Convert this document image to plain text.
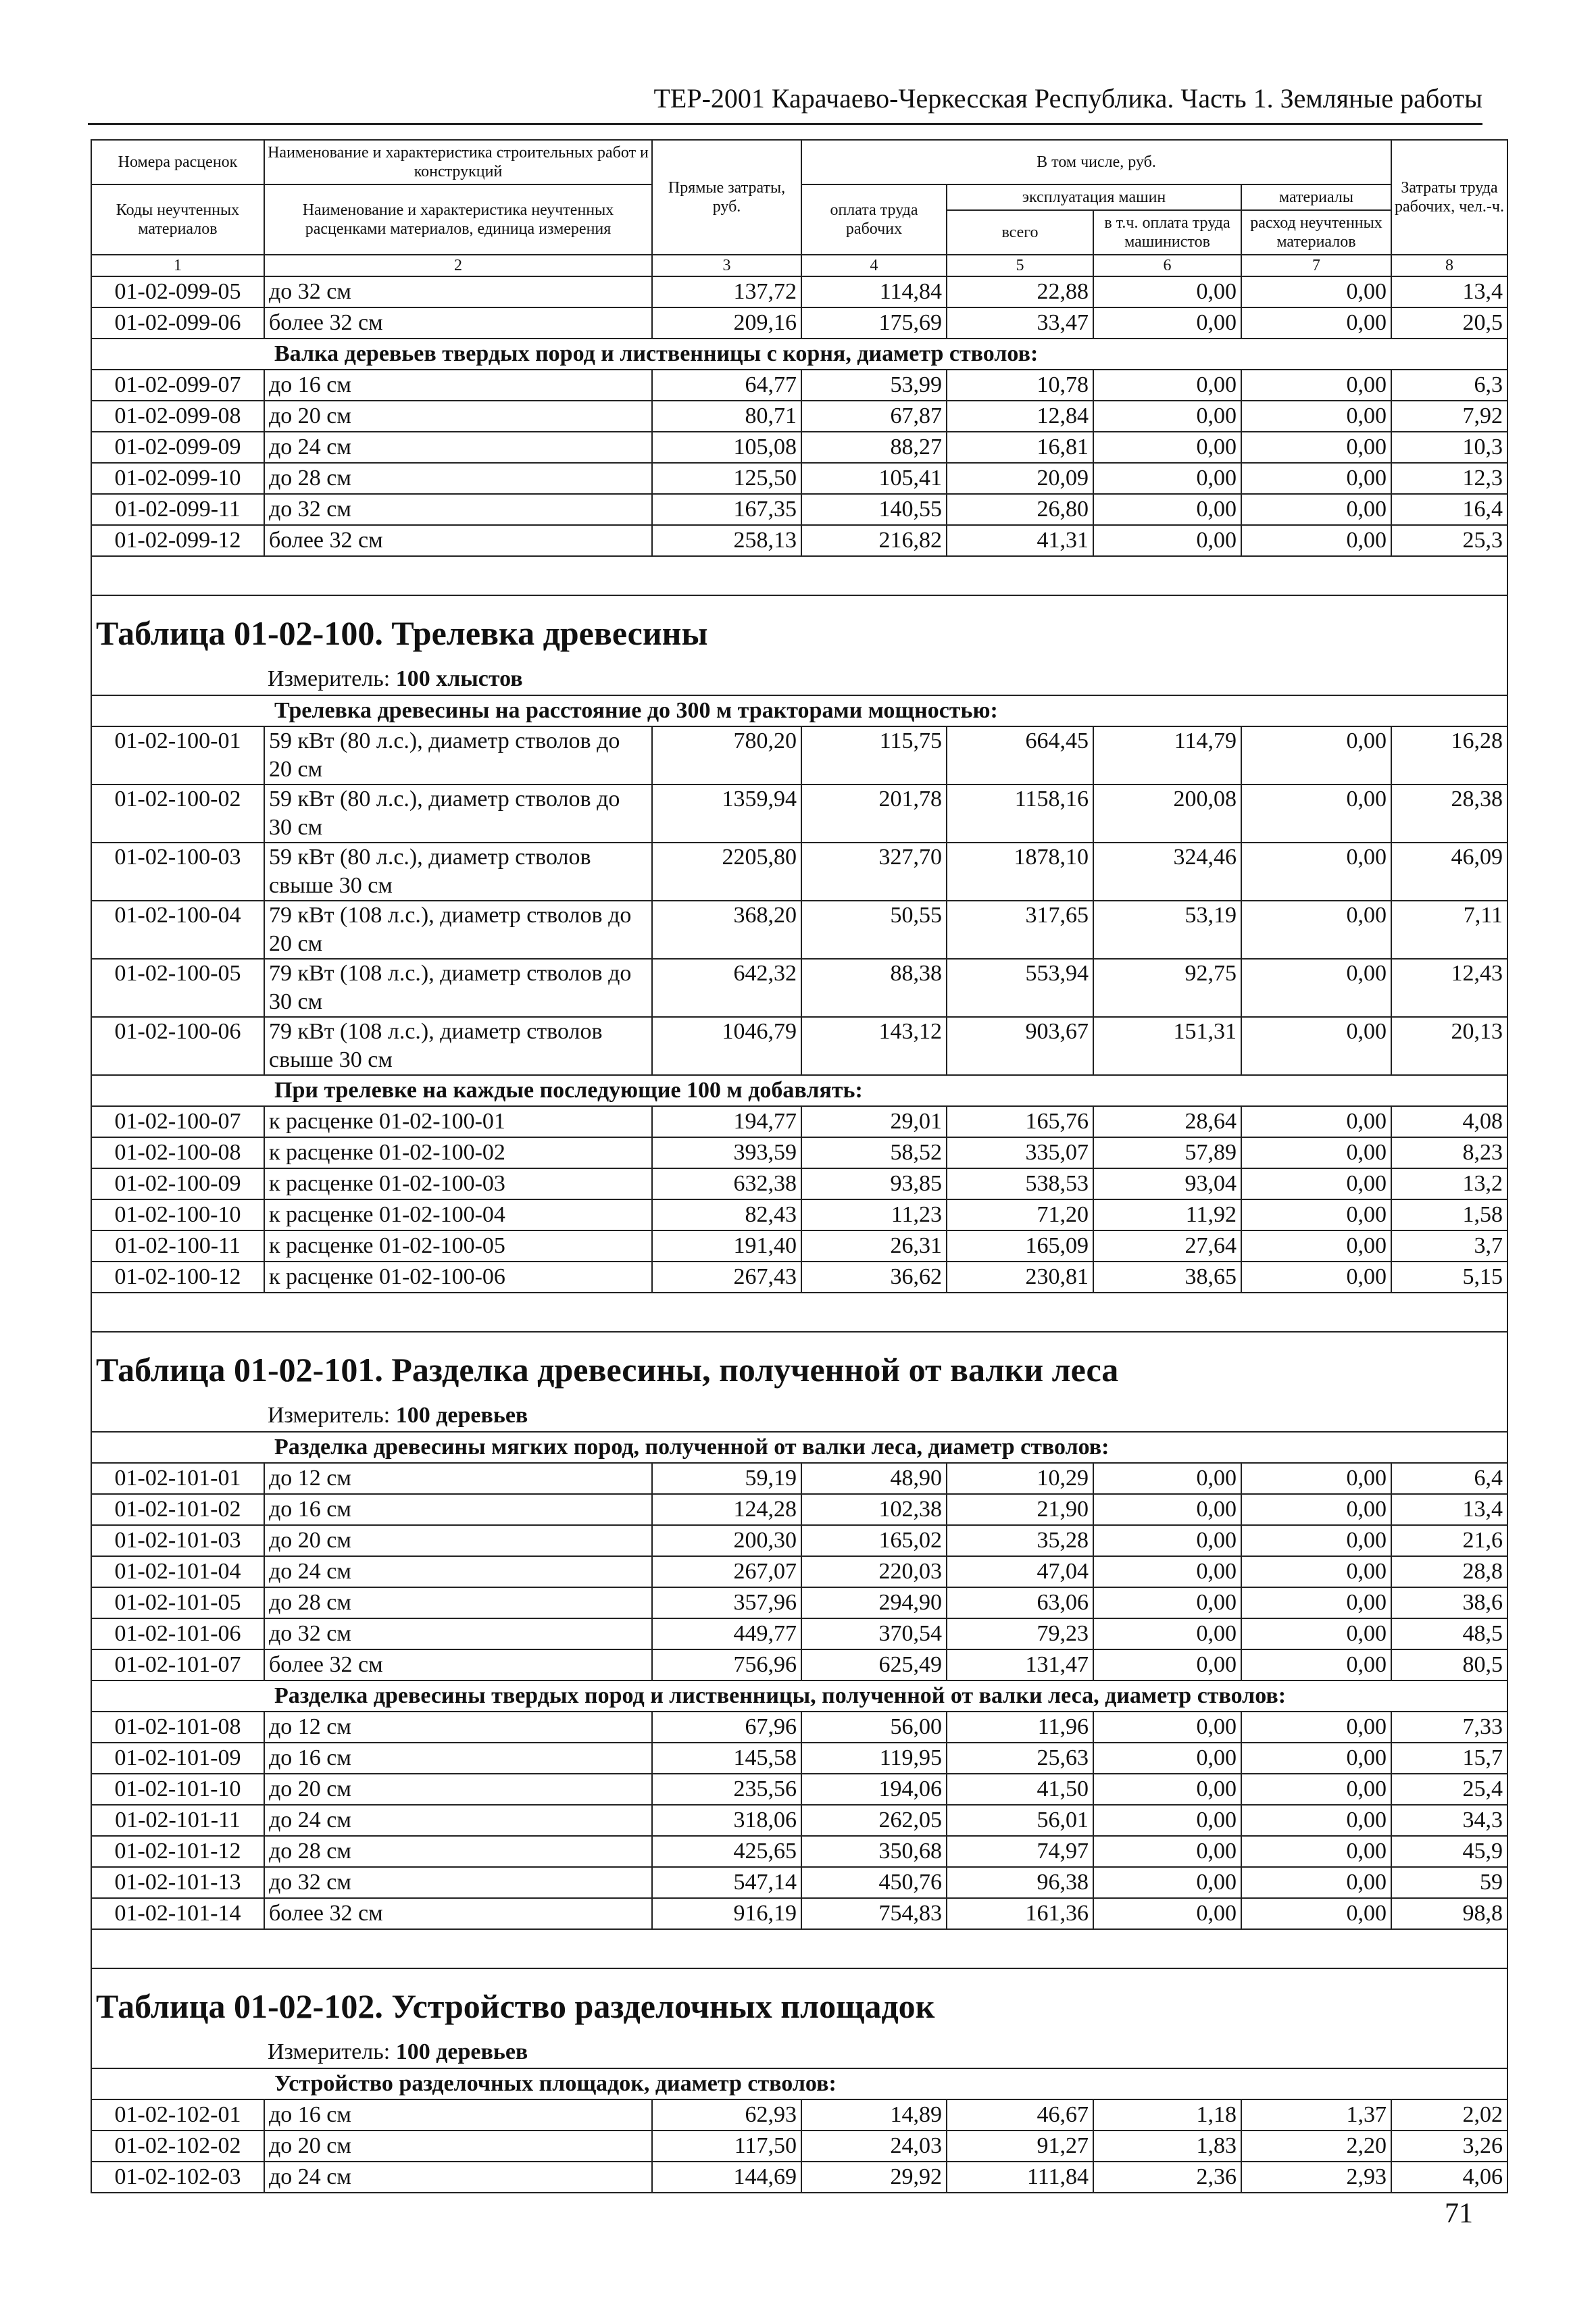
ТЕР-2001 Карачаево-Черкесская Республика. Часть 1. Земляные работы
Номера расценок	Наименование и характеристика строительных работ и конструкций	Прямые затраты, руб.	В том числе, руб.				Затраты труда рабочих, чел.-ч.
Коды неучтенных материалов	Наименование и характеристика неучтенных расценками материалов, единица измерения		оплата труда рабочих	эксплуатация машин		материалы	
				всего	в т.ч. оплата труда машинистов	расход неучтенных материалов	
1	2	3	4	5	6	7	8
01-02-099-05	до 32 см	137,72	114,84	22,88	0,00	0,00	13,4
01-02-099-06	более 32 см	209,16	175,69	33,47	0,00	0,00	20,5
Валка деревьев твердых пород и лиственницы с корня, диаметр стволов:							
01-02-099-07	до 16 см	64,77	53,99	10,78	0,00	0,00	6,3
01-02-099-08	до 20 см	80,71	67,87	12,84	0,00	0,00	7,92
01-02-099-09	до 24 см	105,08	88,27	16,81	0,00	0,00	10,3
01-02-099-10	до 28 см	125,50	105,41	20,09	0,00	0,00	12,3
01-02-099-11	до 32 см	167,35	140,55	26,80	0,00	0,00	16,4
01-02-099-12	более 32 см	258,13	216,82	41,31	0,00	0,00	25,3

Таблица 01-02-100. Трелевка древесины							
Измеритель: 100 хлыстов							
Трелевка древесины на расстояние до 300 м тракторами мощностью:							
01-02-100-01	59 кВт (80 л.с.), диаметр стволов до 20 см	780,20	115,75	664,45	114,79	0,00	16,28
01-02-100-02	59 кВт (80 л.с.), диаметр стволов до 30 см	1359,94	201,78	1158,16	200,08	0,00	28,38
01-02-100-03	59 кВт (80 л.с.), диаметр стволов свыше 30 см	2205,80	327,70	1878,10	324,46	0,00	46,09
01-02-100-04	79 кВт (108 л.с.), диаметр стволов до 20 см	368,20	50,55	317,65	53,19	0,00	7,11
01-02-100-05	79 кВт (108 л.с.), диаметр стволов до 30 см	642,32	88,38	553,94	92,75	0,00	12,43
01-02-100-06	79 кВт (108 л.с.), диаметр стволов свыше 30 см	1046,79	143,12	903,67	151,31	0,00	20,13
При трелевке на каждые последующие 100 м добавлять:							
01-02-100-07	к расценке 01-02-100-01	194,77	29,01	165,76	28,64	0,00	4,08
01-02-100-08	к расценке 01-02-100-02	393,59	58,52	335,07	57,89	0,00	8,23
01-02-100-09	к расценке 01-02-100-03	632,38	93,85	538,53	93,04	0,00	13,2
01-02-100-10	к расценке 01-02-100-04	82,43	11,23	71,20	11,92	0,00	1,58
01-02-100-11	к расценке 01-02-100-05	191,40	26,31	165,09	27,64	0,00	3,7
01-02-100-12	к расценке 01-02-100-06	267,43	36,62	230,81	38,65	0,00	5,15

Таблица 01-02-101. Разделка древесины, полученной от валки леса							
Измеритель: 100 деревьев							
Разделка древесины мягких пород, полученной от валки леса, диаметр стволов:							
01-02-101-01	до 12 см	59,19	48,90	10,29	0,00	0,00	6,4
01-02-101-02	до 16 см	124,28	102,38	21,90	0,00	0,00	13,4
01-02-101-03	до 20 см	200,30	165,02	35,28	0,00	0,00	21,6
01-02-101-04	до 24 см	267,07	220,03	47,04	0,00	0,00	28,8
01-02-101-05	до 28 см	357,96	294,90	63,06	0,00	0,00	38,6
01-02-101-06	до 32 см	449,77	370,54	79,23	0,00	0,00	48,5
01-02-101-07	более 32 см	756,96	625,49	131,47	0,00	0,00	80,5
Разделка древесины твердых пород и лиственницы, полученной от валки леса, диаметр стволов:							
01-02-101-08	до 12 см	67,96	56,00	11,96	0,00	0,00	7,33
01-02-101-09	до 16 см	145,58	119,95	25,63	0,00	0,00	15,7
01-02-101-10	до 20 см	235,56	194,06	41,50	0,00	0,00	25,4
01-02-101-11	до 24 см	318,06	262,05	56,01	0,00	0,00	34,3
01-02-101-12	до 28 см	425,65	350,68	74,97	0,00	0,00	45,9
01-02-101-13	до 32 см	547,14	450,76	96,38	0,00	0,00	59
01-02-101-14	более 32 см	916,19	754,83	161,36	0,00	0,00	98,8

Таблица 01-02-102. Устройство разделочных площадок							
Измеритель: 100 деревьев							
Устройство разделочных площадок, диаметр стволов:							
01-02-102-01	до 16 см	62,93	14,89	46,67	1,18	1,37	2,02
01-02-102-02	до 20 см	117,50	24,03	91,27	1,83	2,20	3,26
01-02-102-03	до 24 см	144,69	29,92	111,84	2,36	2,93	4,06
71
